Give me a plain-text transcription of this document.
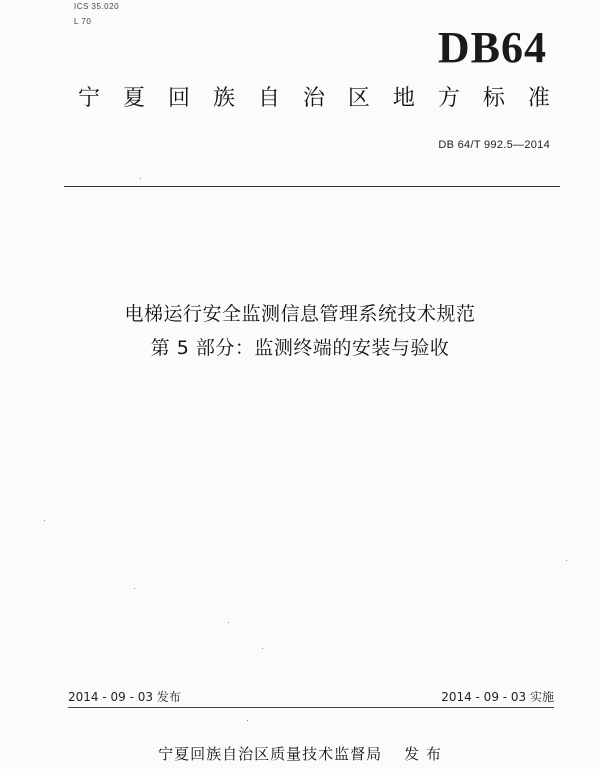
ICS 35.020
L 70
DB64
宁 夏 回 族 自 治 区 地 方 标 准
DB 64/T 992.5—2014
电梯运行安全监测信息管理系统技术规范
第 5 部分：监测终端的安装与验收
2014 - 09 - 03 发布	2014 - 09 - 03 实施
宁夏回族自治区质量技术监督局 发 布
